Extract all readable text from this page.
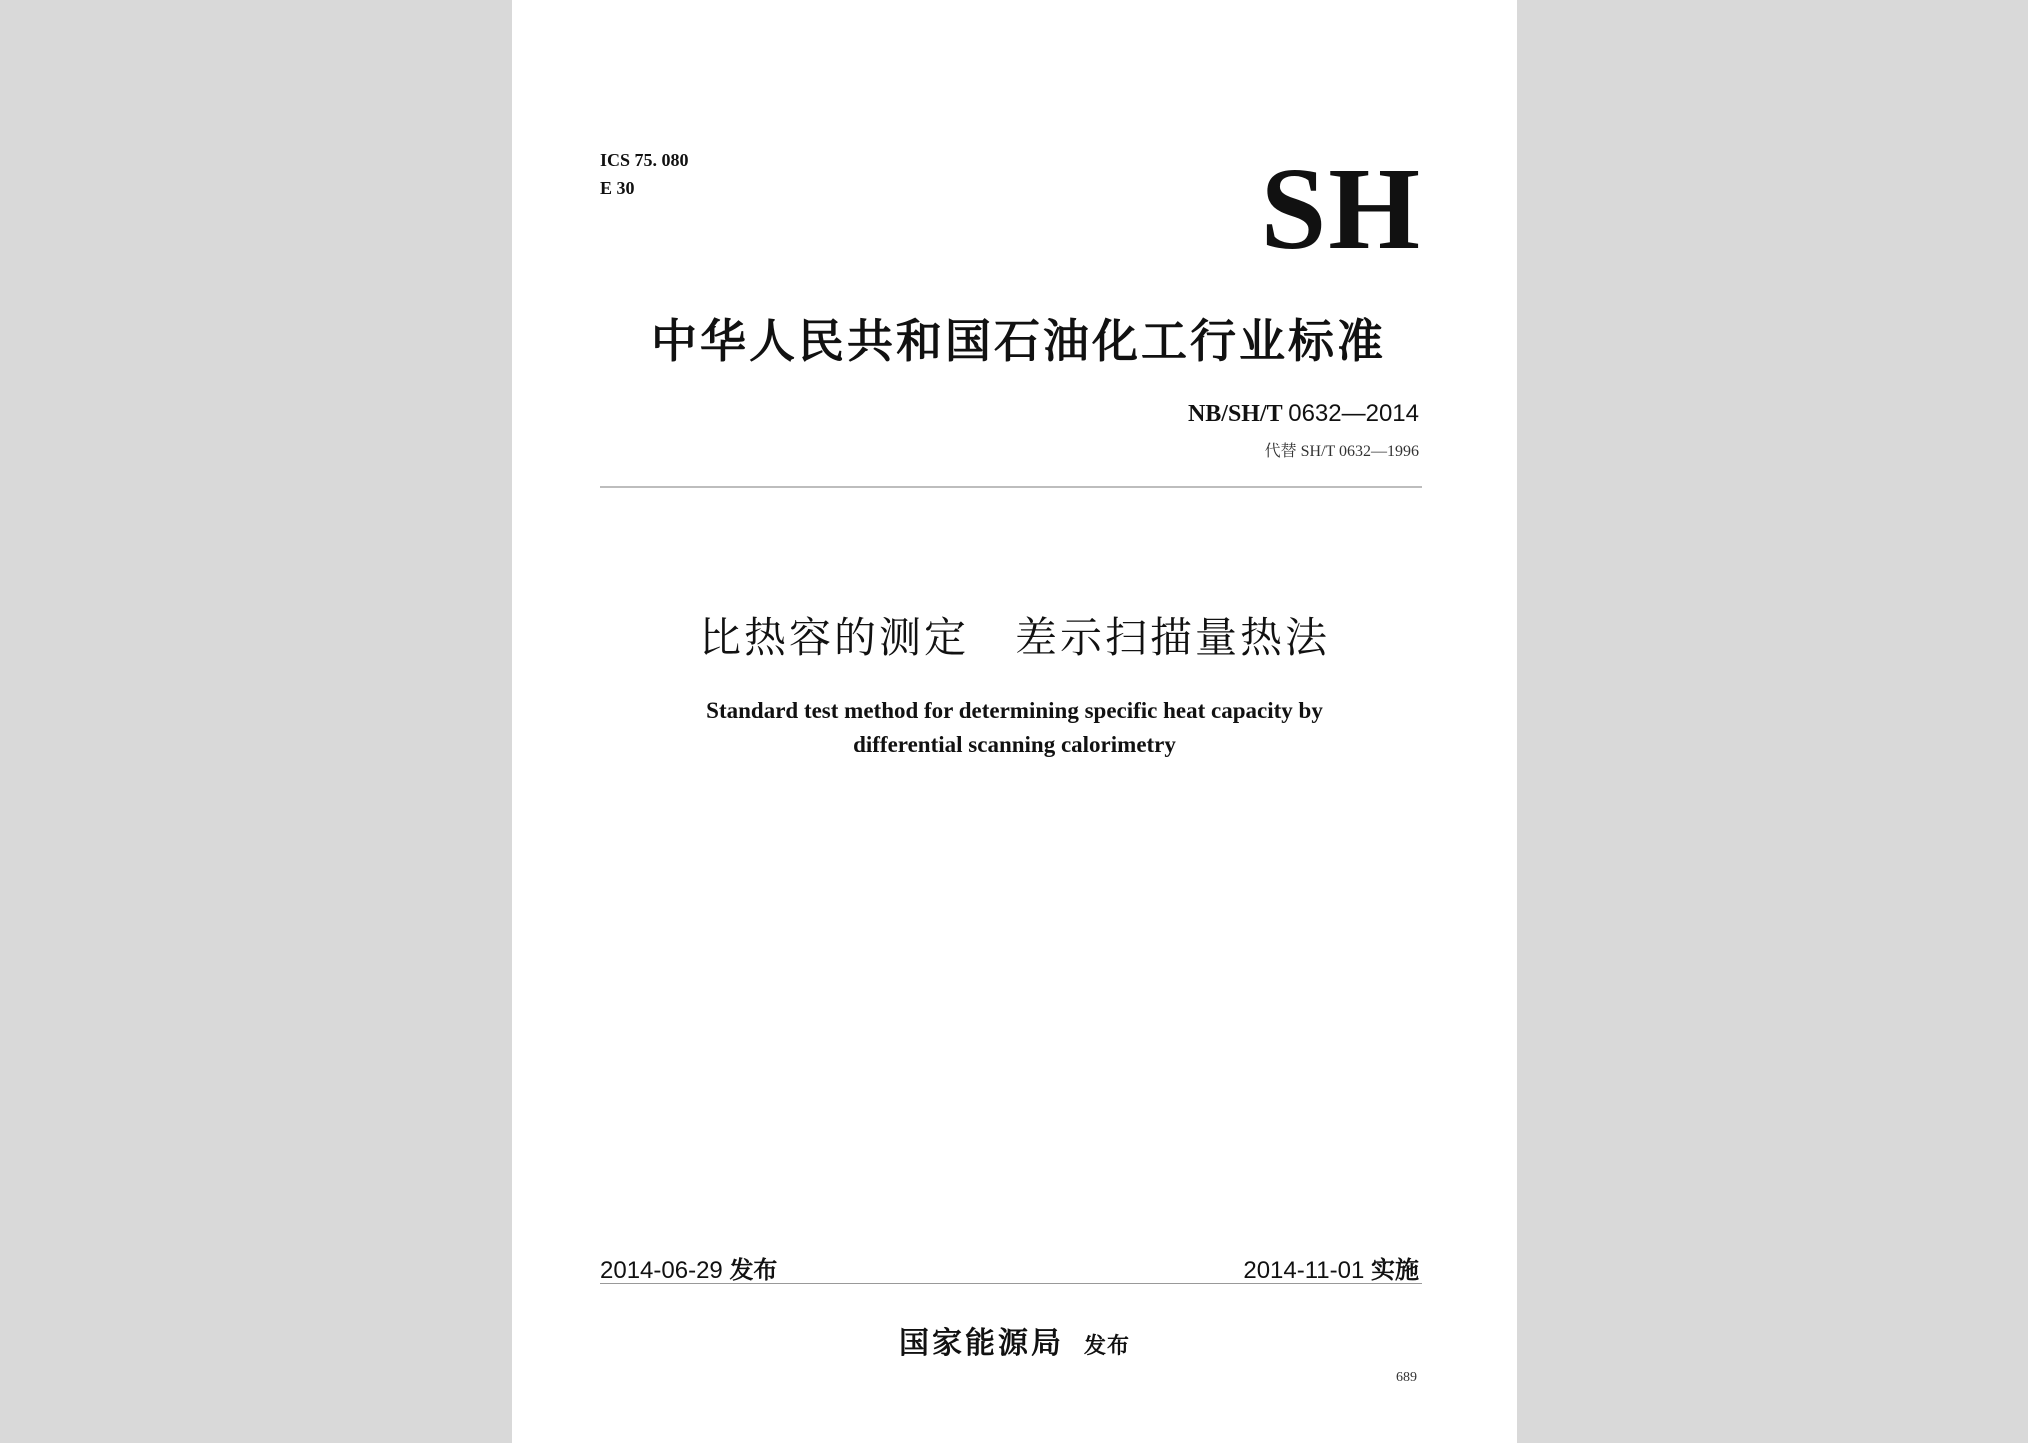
ICS 75. 080
E 30	SH
中华人民共和国石油化工行业标准
NB/SH/T 0632—2014
代替 SH/T 0632—1996
比热容的测定 差示扫描量热法
Standard test method for determining specific heat capacity by
differential scanning calorimetry
2014-06-29 发布	2014-11-01 实施
国家能源局 发布
689
